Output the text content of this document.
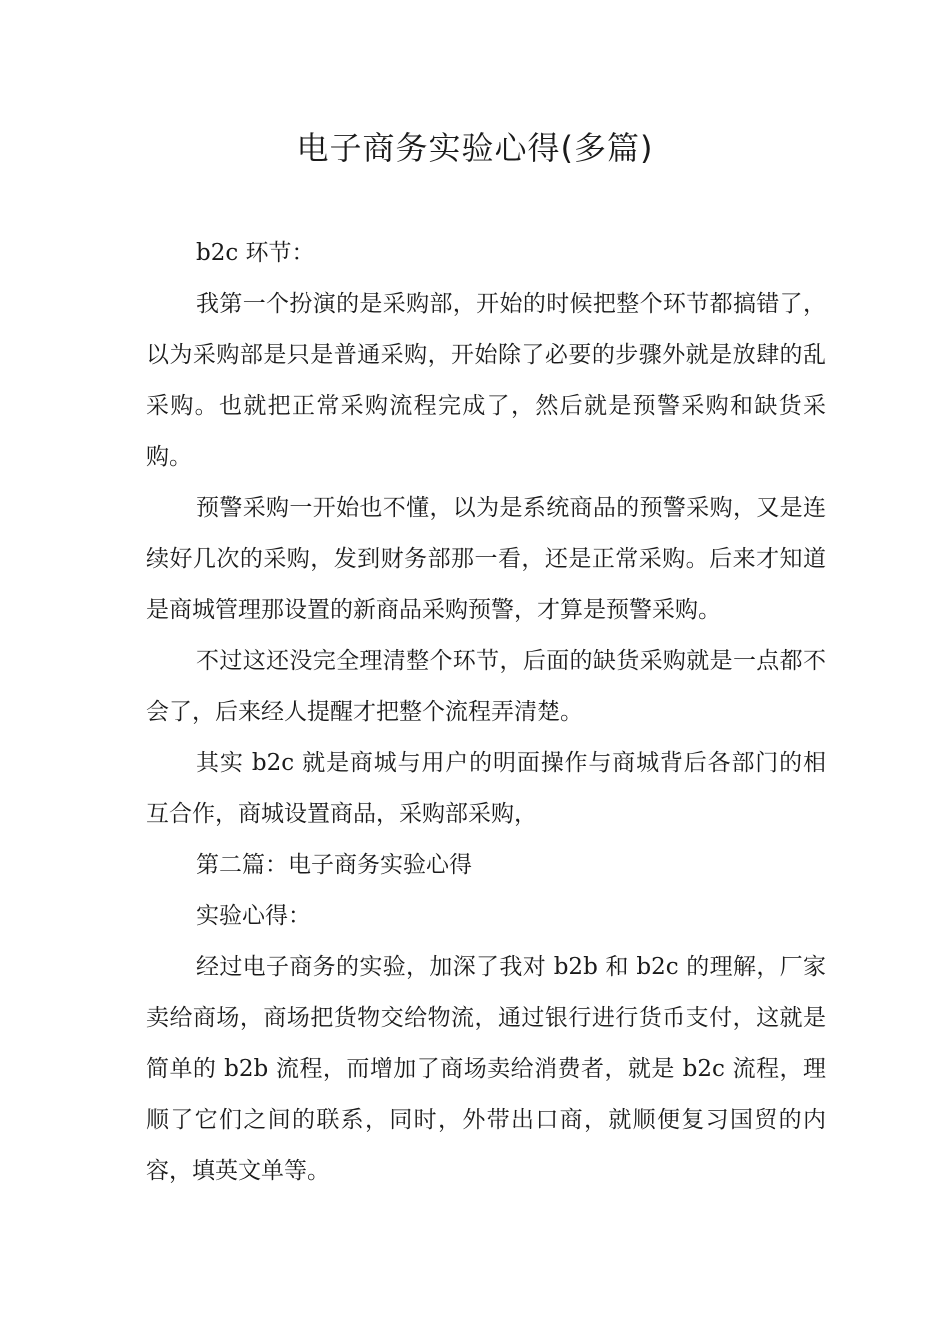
电子商务实验心得(多篇)

b2c 环节：

我第一个扮演的是采购部，开始的时候把整个环节都搞错了，以为采购部是只是普通采购，开始除了必要的步骤外就是放肆的乱采购。也就把正常采购流程完成了，然后就是预警采购和缺货采购。

预警采购一开始也不懂，以为是系统商品的预警采购，又是连续好几次的采购，发到财务部那一看，还是正常采购。后来才知道是商城管理那设置的新商品采购预警，才算是预警采购。

不过这还没完全理清整个环节，后面的缺货采购就是一点都不会了，后来经人提醒才把整个流程弄清楚。

其实 b2c 就是商城与用户的明面操作与商城背后各部门的相互合作，商城设置商品，采购部采购，

第二篇：电子商务实验心得

实验心得：

经过电子商务的实验，加深了我对 b2b 和 b2c 的理解，厂家卖给商场，商场把货物交给物流，通过银行进行货币支付，这就是简单的 b2b 流程，而增加了商场卖给消费者，就是 b2c 流程，理顺了它们之间的联系，同时，外带出口商，就顺便复习国贸的内容，填英文单等。
